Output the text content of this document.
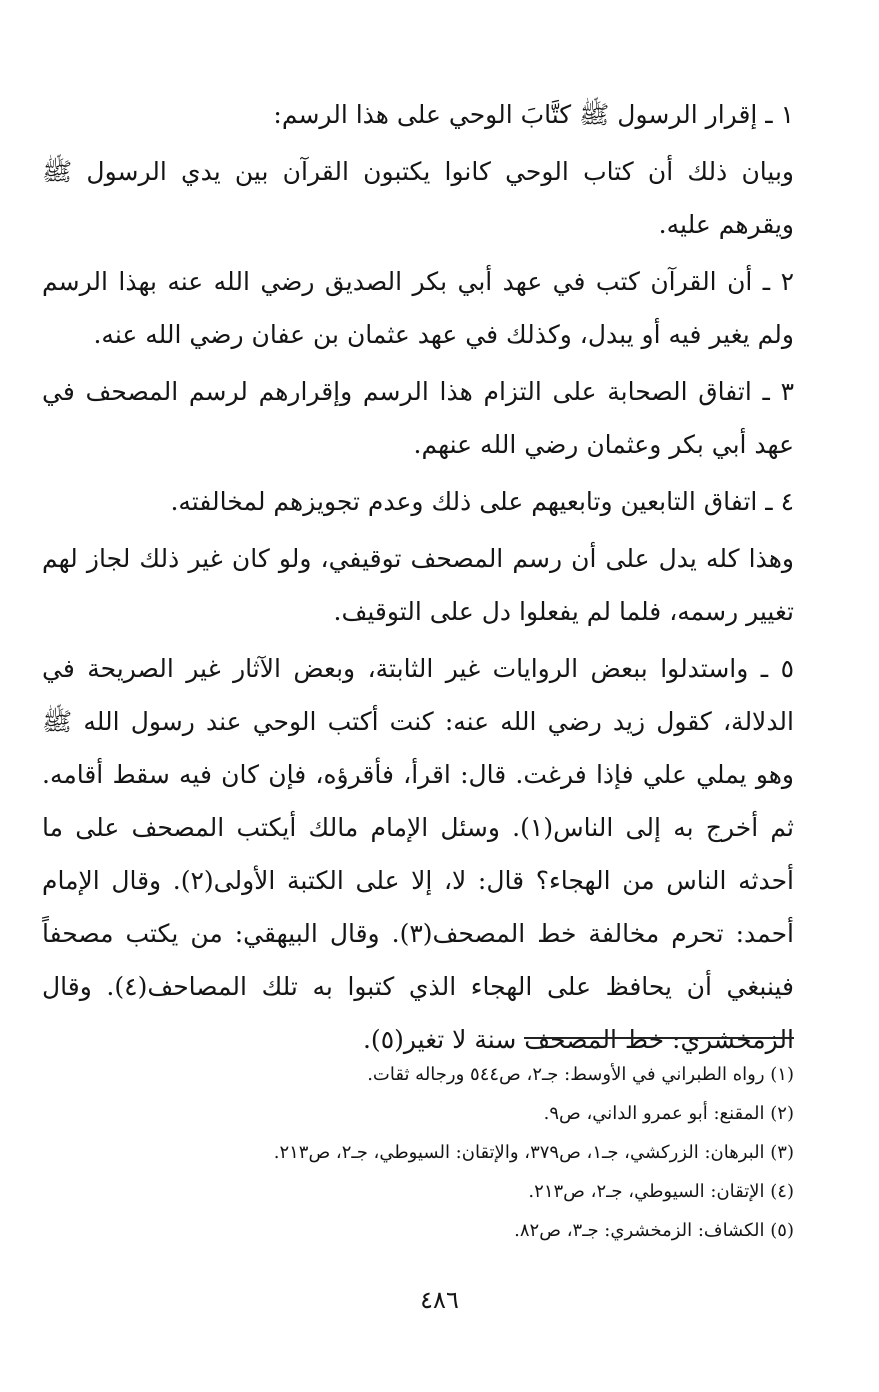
١ ـ إقرار الرسول ﷺ كتَّابَ الوحي على هذا الرسم:

وبيان ذلك أن كتاب الوحي كانوا يكتبون القرآن بين يدي الرسول ﷺ ويقرهم عليه.

٢ ـ أن القرآن كتب في عهد أبي بكر الصديق رضي الله عنه بهذا الرسم ولم يغير فيه أو يبدل، وكذلك في عهد عثمان بن عفان رضي الله عنه.

٣ ـ اتفاق الصحابة على التزام هذا الرسم وإقرارهم لرسم المصحف في عهد أبي بكر وعثمان رضي الله عنهم.

٤ ـ اتفاق التابعين وتابعيهم على ذلك وعدم تجويزهم لمخالفته.

وهذا كله يدل على أن رسم المصحف توقيفي، ولو كان غير ذلك لجاز لهم تغيير رسمه، فلما لم يفعلوا دل على التوقيف.

٥ ـ واستدلوا ببعض الروايات غير الثابتة، وبعض الآثار غير الصريحة في الدلالة، كقول زيد رضي الله عنه: كنت أكتب الوحي عند رسول الله ﷺ وهو يملي علي فإذا فرغت. قال: اقرأ، فأقرؤه، فإن كان فيه سقط أقامه. ثم أخرج به إلى الناس(١). وسئل الإمام مالك أيكتب المصحف على ما أحدثه الناس من الهجاء؟ قال: لا، إلا على الكتبة الأولى(٢). وقال الإمام أحمد: تحرم مخالفة خط المصحف(٣). وقال البيهقي: من يكتب مصحفاً فينبغي أن يحافظ على الهجاء الذي كتبوا به تلك المصاحف(٤). وقال الزمخشري: خط المصحف سنة لا تغير(٥).

(١) رواه الطبراني في الأوسط: جـ٢، ص٥٤٤ ورجاله ثقات.
(٢) المقنع: أبو عمرو الداني، ص٩.
(٣) البرهان: الزركشي، جـ١، ص٣٧٩، والإتقان: السيوطي، جـ٢، ص٢١٣.
(٤) الإتقان: السيوطي، جـ٢، ص٢١٣.
(٥) الكشاف: الزمخشري: جـ٣، ص٨٢.
٤٨٦
